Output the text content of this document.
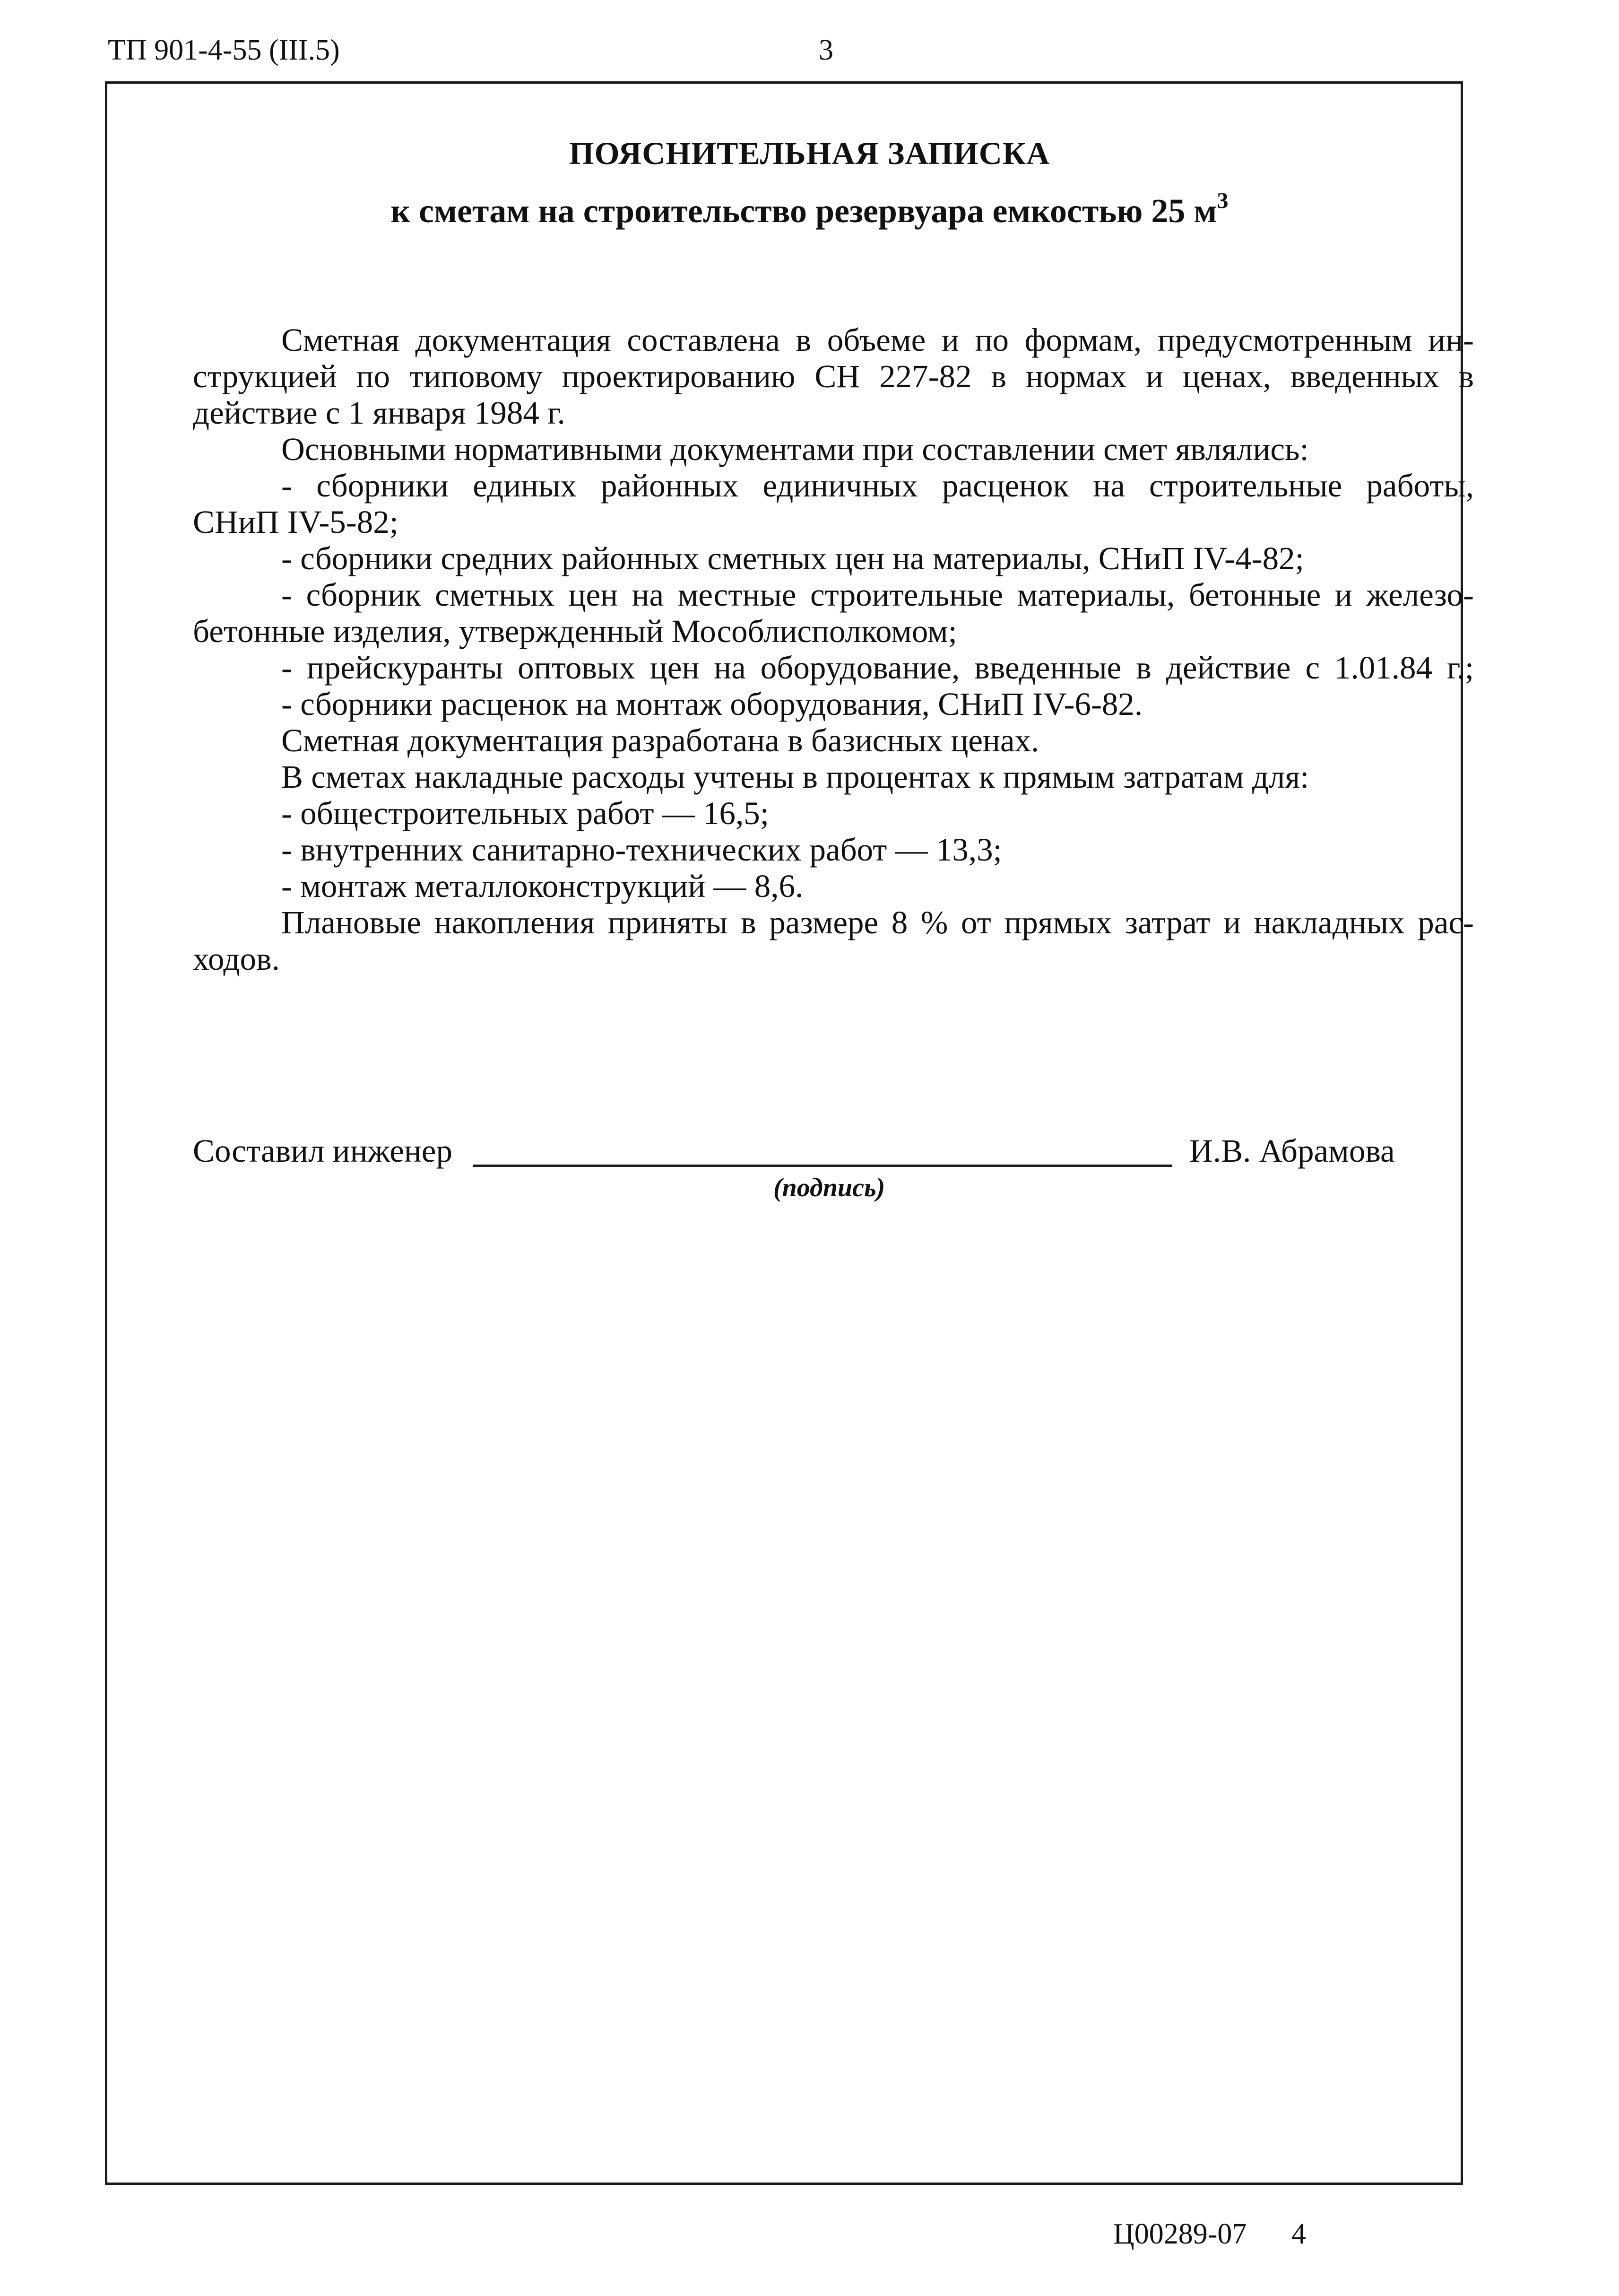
ТП 901-4-55 (III.5)	3
ПОЯСНИТЕЛЬНАЯ ЗАПИСКА
к сметам на строительство резервуара емкостью 25 $м^3$
Сметная документация составлена в объеме и по формам, предусмотренным ин-
струкцией по типовому проектированию СН 227-82 в нормах и ценах, введенных в
действие с 1 января 1984 г.
Основными нормативными документами при составлении смет являлись:
- сборники единых районных единичных расценок на строительные работы,
СНиП IV-5-82;
- сборники средних районных сметных цен на материалы, СНиП IV-4-82;
- сборник сметных цен на местные строительные материалы, бетонные и железо-
бетонные изделия, утвержденный Мособлисполкомом;
- прейскуранты оптовых цен на оборудование, введенные в действие с 1.01.84 г.;
- сборники расценок на монтаж оборудования, СНиП IV-6-82.
Сметная документация разработана в базисных ценах.
В сметах накладные расходы учтены в процентах к прямым затратам для:
- общестроительных работ — 16,5;
- внутренних санитарно-технических работ — 13,3;
- монтаж металлоконструкций — 8,6.
Плановые накопления приняты в размере 8 % от прямых затрат и накладных рас-
ходов.
Составил инженер	И.В. Абрамова
(подпись)
Ц00289-07 4
